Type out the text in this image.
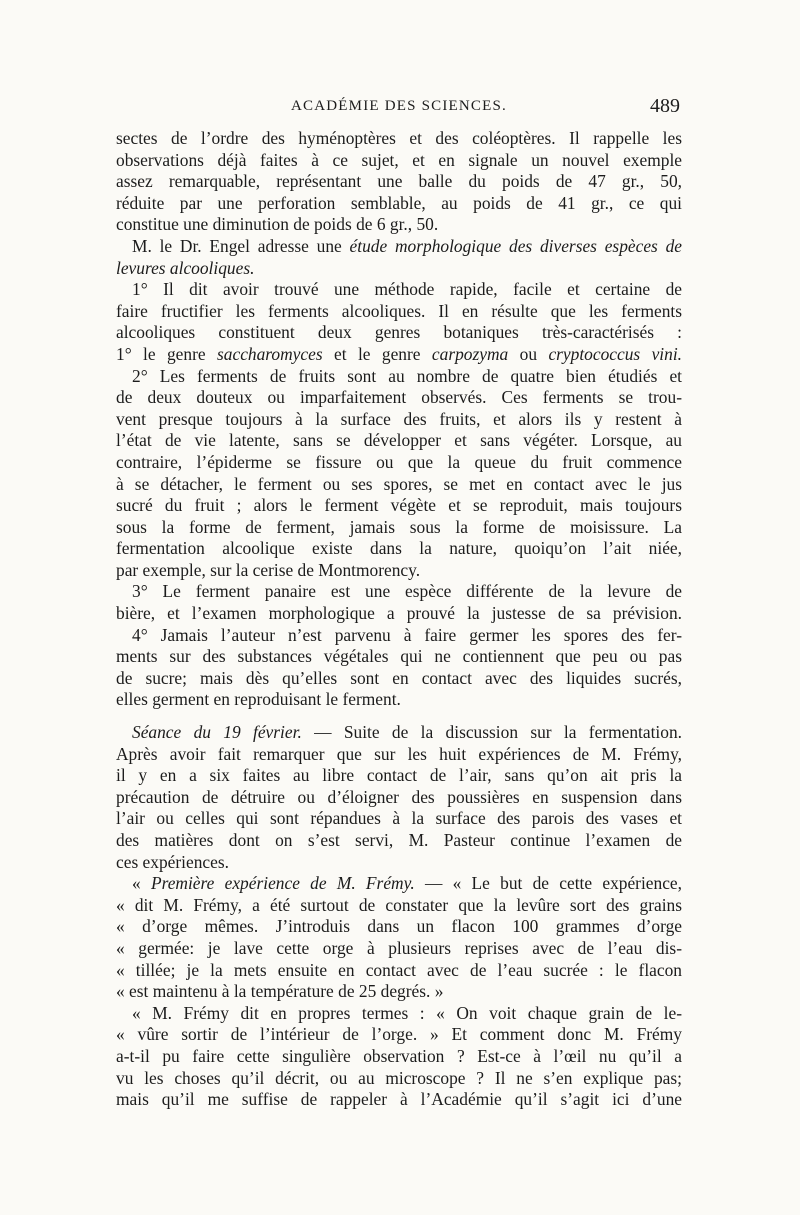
ACADÉMIE DES SCIENCES.	489
sectes de l’ordre des hyménoptères et des coléoptères. Il rappelle les
observations déjà faites à ce sujet, et en signale un nouvel exemple
assez remarquable, représentant une balle du poids de 47 gr., 50,
réduite par une perforation semblable, au poids de 41 gr., ce qui
constitue une diminution de poids de 6 gr., 50.
M. le Dr. Engel adresse une étude morphologique des diverses espèces de
levures alcooliques.
1° Il dit avoir trouvé une méthode rapide, facile et certaine de
faire fructifier les ferments alcooliques. Il en résulte que les ferments
alcooliques constituent deux genres botaniques très-caractérisés :
1° le genre saccharomyces et le genre carpozyma ou cryptococcus vini.
2° Les ferments de fruits sont au nombre de quatre bien étudiés et
de deux douteux ou imparfaitement observés. Ces ferments se trou-
vent presque toujours à la surface des fruits, et alors ils y restent à
l’état de vie latente, sans se développer et sans végéter. Lorsque, au
contraire, l’épiderme se fissure ou que la queue du fruit commence
à se détacher, le ferment ou ses spores, se met en contact avec le jus
sucré du fruit ; alors le ferment végète et se reproduit, mais toujours
sous la forme de ferment, jamais sous la forme de moisissure. La
fermentation alcoolique existe dans la nature, quoiqu’on l’ait niée,
par exemple, sur la cerise de Montmorency.
3° Le ferment panaire est une espèce différente de la levure de
bière, et l’examen morphologique a prouvé la justesse de sa prévision.
4° Jamais l’auteur n’est parvenu à faire germer les spores des fer-
ments sur des substances végétales qui ne contiennent que peu ou pas
de sucre; mais dès qu’elles sont en contact avec des liquides sucrés,
elles germent en reproduisant le ferment.
Séance du 19 février. — Suite de la discussion sur la fermentation.
Après avoir fait remarquer que sur les huit expériences de M. Frémy,
il y en a six faites au libre contact de l’air, sans qu’on ait pris la
précaution de détruire ou d’éloigner des poussières en suspension dans
l’air ou celles qui sont répandues à la surface des parois des vases et
des matières dont on s’est servi, M. Pasteur continue l’examen de
ces expériences.
« Première expérience de M. Frémy. — « Le but de cette expérience,
« dit M. Frémy, a été surtout de constater que la levûre sort des grains
« d’orge mêmes. J’introduis dans un flacon 100 grammes d’orge
« germée: je lave cette orge à plusieurs reprises avec de l’eau dis-
« tillée; je la mets ensuite en contact avec de l’eau sucrée : le flacon
« est maintenu à la température de 25 degrés. »
« M. Frémy dit en propres termes : « On voit chaque grain de le-
« vûre sortir de l’intérieur de l’orge. » Et comment donc M. Frémy
a-t-il pu faire cette singulière observation ? Est-ce à l’œil nu qu’il a
vu les choses qu’il décrit, ou au microscope ? Il ne s’en explique pas;
mais qu’il me suffise de rappeler à l’Académie qu’il s’agit ici d’une
